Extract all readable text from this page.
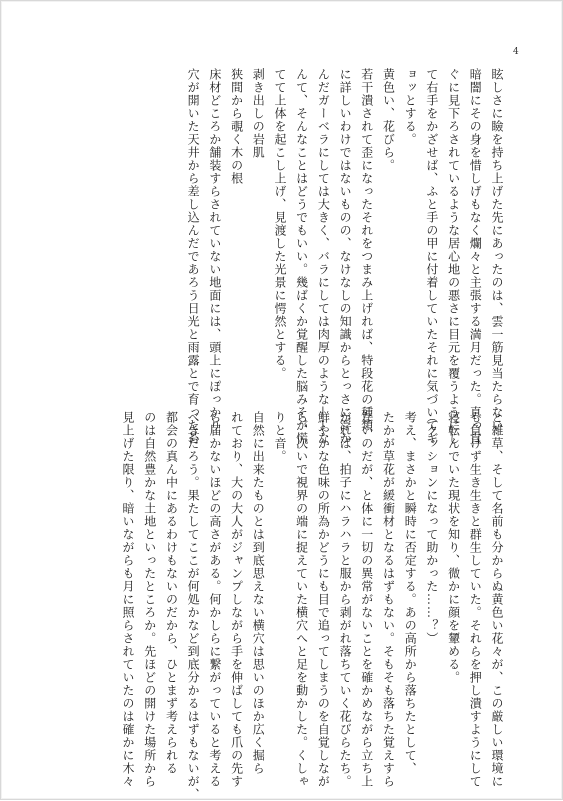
4
眩しさに瞼を持ち上げた先にあったのは、雲一筋見当たらない
暗闇にその身を惜しげもなく爛々と主張する満月だった。真っ直
ぐに見下ろされているような居心地の悪さに目元を覆うようにし
て右手をかざせば、ふと手の甲に付着していたそれに気づいてギ
ョッとする。
黄色い、花びら。
若干潰されて歪になったそれをつまみ上げれば、特段花の種類
に詳しいわけではないものの、なけなしの知識からとっさに浮か
んだガーベラにしては大きく、バラにしては肉厚のような——な
んて、そんなことはどうでもいい。幾ばくか覚醒した脳みそが慌
てて上体を起こし上げ、見渡した光景に愕然とする。
剥き出しの岩肌
狭間から覗く木の根
床材どころか舗装すらされていない地面には、頭上にぽっかり
穴が開いた天井から差し込んだであろう日光と雨露とで育った苔
と雑草、そして名前も分からぬ黄色い花々が、この厳しい環境に
も負けず生き生きと群生していた。それらを押し潰すようにして
寝転んでいた現状を知り、微かに顔を顰める。
（クッションになって助かった……？）
考え、まさかと瞬時に否定する。あの高所から落ちたとして、
たかが草花が緩衝材となるはずもない。そもそも落ちた覚えすら
ないのだが、と体に一切の異常がないことを確かめながら立ち上
がれば、拍子にハラハラと服から剥がれ落ちていく花びらたち。
鮮やかな色味の所為かどうにも目で追ってしまうのを自覚しなが
ら、次いで視界の端に捉えていた横穴へと足を動かした。くしゃ
りと音。
自然に出来たものとは到底思えない横穴は思いのほか広く掘ら
れており、大の大人がジャンプしながら手を伸ばしても爪の先す
ら届かないほどの高さがある。何かしらに繋がっていると考える
べきだろう。果たしてここが何処かなど到底分かるはずもないが、
都会の真ん中にあるわけもないのだから、ひとまず考えられる
のは自然豊かな土地といったところか。先ほどの開けた場所から
見上げた限り、暗いながらも月に照らされていたのは確かに木々
